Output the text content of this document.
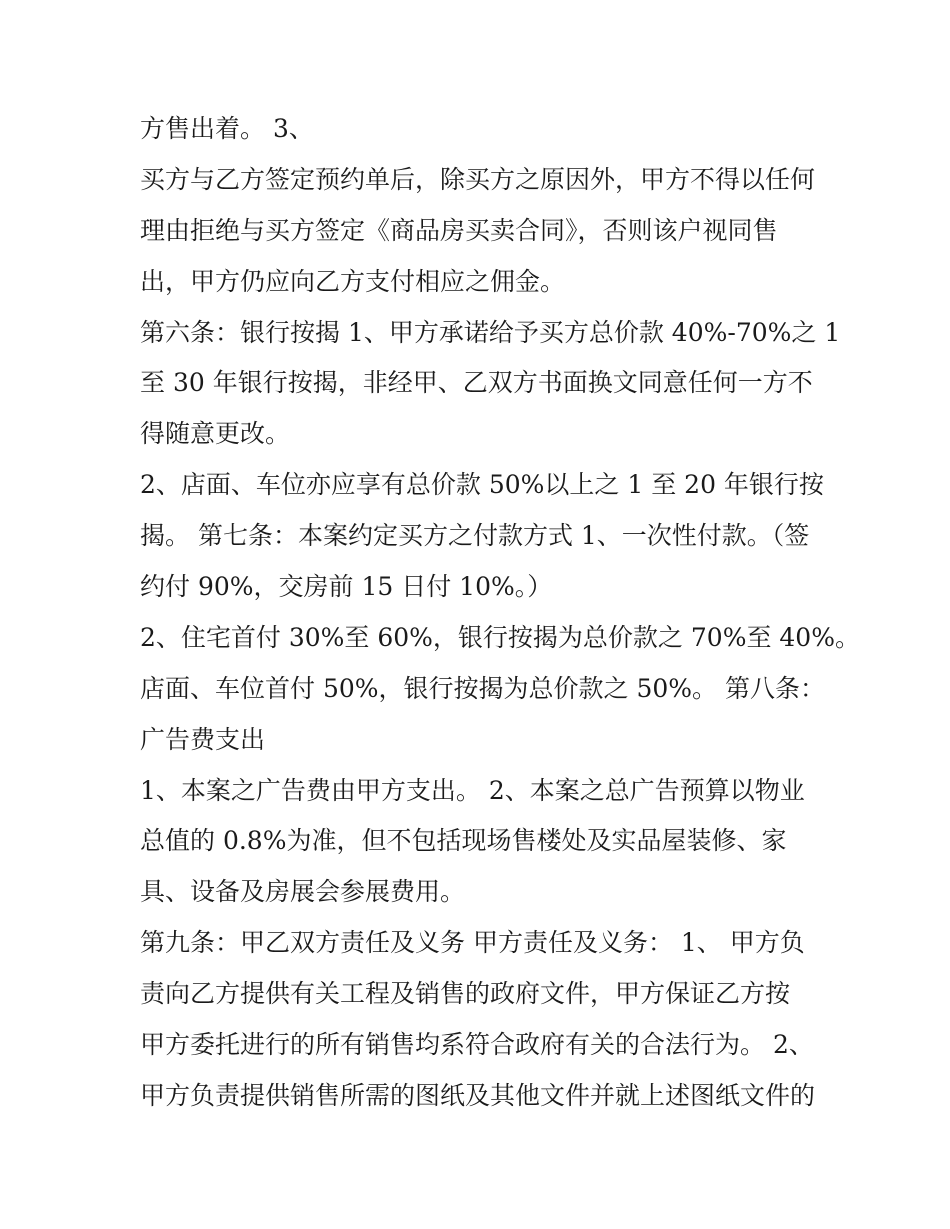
方售出着。 3、
买方与乙方签定预约单后，除买方之原因外，甲方不得以任何
理由拒绝与买方签定《商品房买卖合同》，否则该户视同售
出，甲方仍应向乙方支付相应之佣金。
第六条：银行按揭 1、甲方承诺给予买方总价款 40%-70%之 1
至 30 年银行按揭，非经甲、乙双方书面换文同意任何一方不
得随意更改。
2、店面、车位亦应享有总价款 50%以上之 1 至 20 年银行按
揭。 第七条：本案约定买方之付款方式 1、一次性付款。（签
约付 90%，交房前 15 日付 10%。）
2、住宅首付 30%至 60%，银行按揭为总价款之 70%至 40%。
店面、车位首付 50%，银行按揭为总价款之 50%。 第八条：
广告费支出
1、本案之广告费由甲方支出。 2、本案之总广告预算以物业
总值的 0.8%为准，但不包括现场售楼处及实品屋装修、家
具、设备及房展会参展费用。
第九条：甲乙双方责任及义务 甲方责任及义务： 1、 甲方负
责向乙方提供有关工程及销售的政府文件，甲方保证乙方按
甲方委托进行的所有销售均系符合政府有关的合法行为。 2、
甲方负责提供销售所需的图纸及其他文件并就上述图纸文件的
